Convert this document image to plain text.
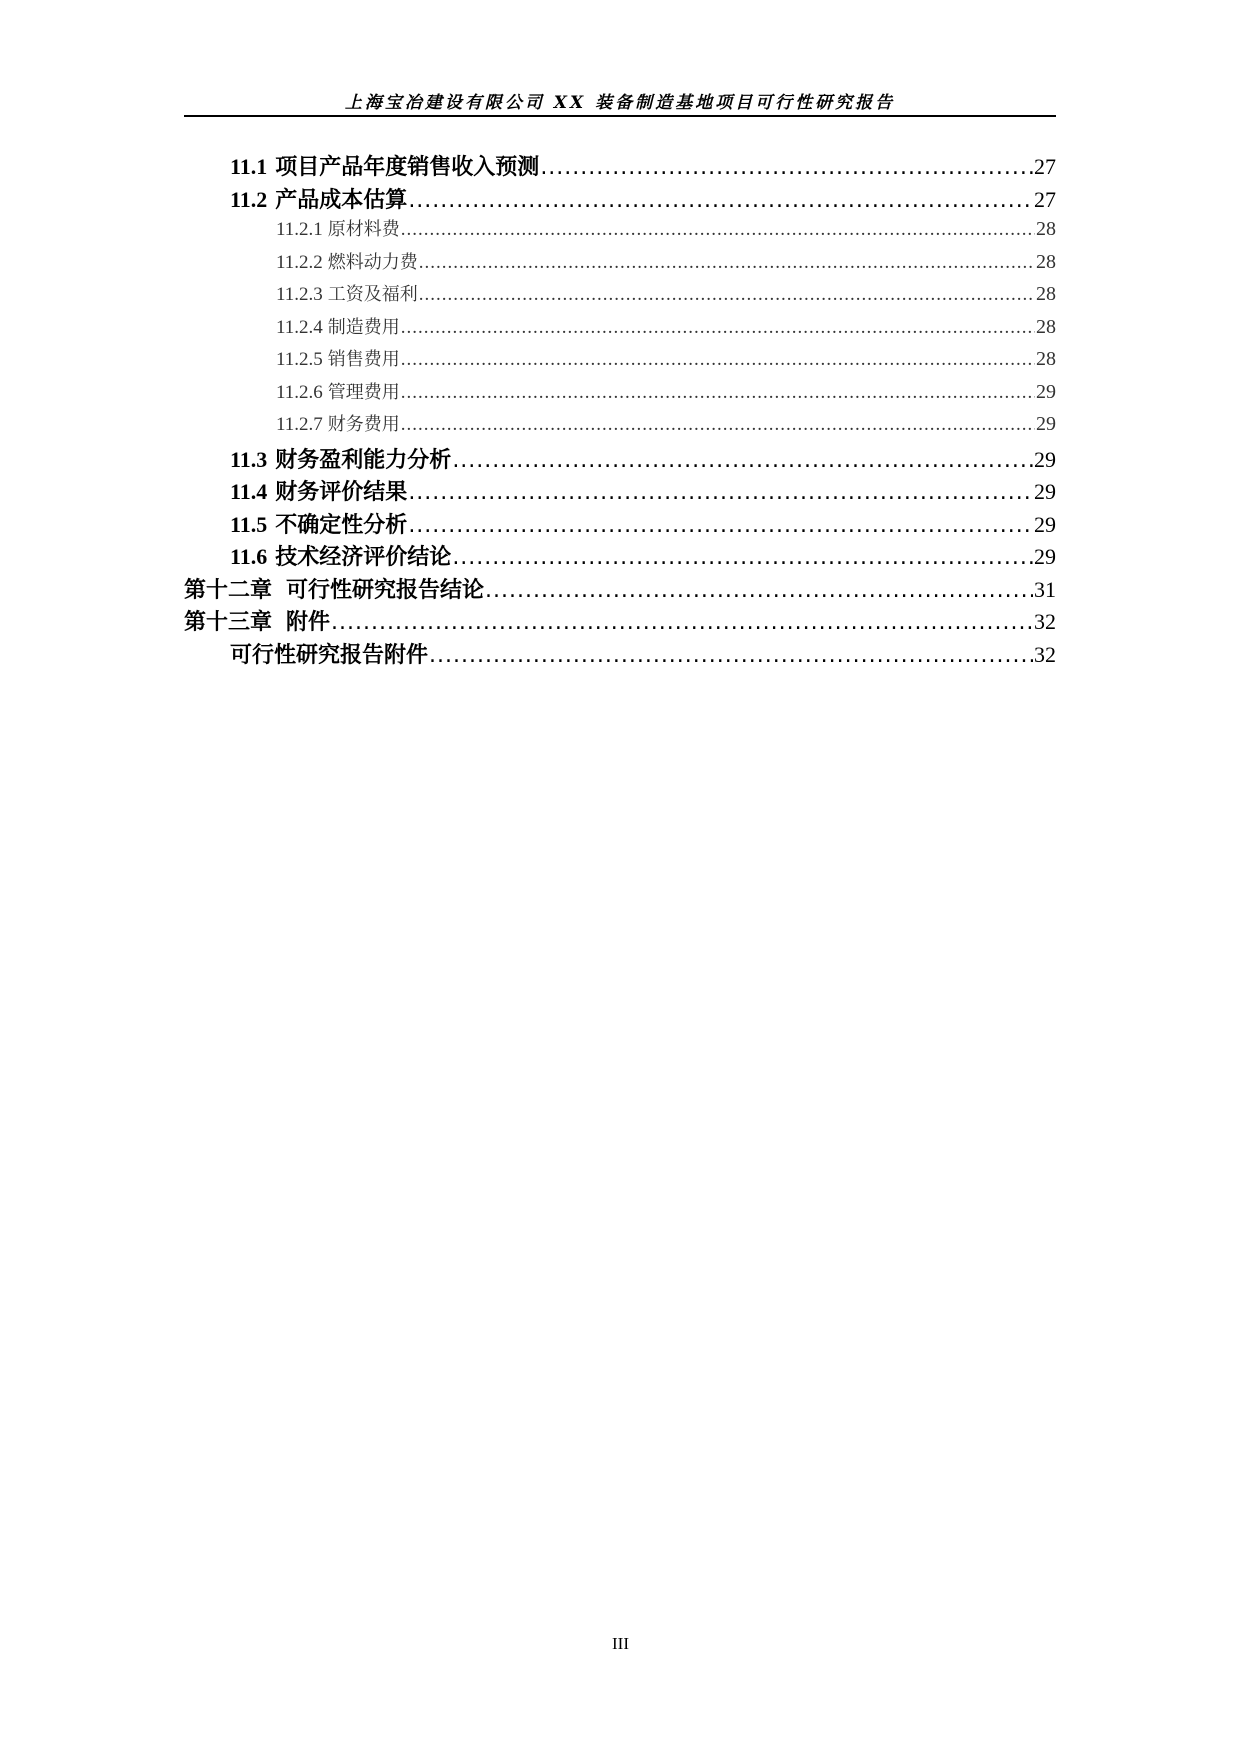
上海宝冶建设有限公司 XX 装备制造基地项目可行性研究报告
11.1 项目产品年度销售收入预测 .....	27
11.2 产品成本估算 .....	27
11.2.1 原材料费 .....	28
11.2.2 燃料动力费 .....	28
11.2.3 工资及福利 .....	28
11.2.4 制造费用 .....	28
11.2.5 销售费用 .....	28
11.2.6 管理费用 .....	29
11.2.7 财务费用 .....	29
11.3 财务盈利能力分析 .....	29
11.4 财务评价结果 .....	29
11.5 不确定性分析 .....	29
11.6 技术经济评价结论 .....	29
第十二章 可行性研究报告结论 .....	31
第十三章 附件 .....	32
可行性研究报告附件 .....	32
III
